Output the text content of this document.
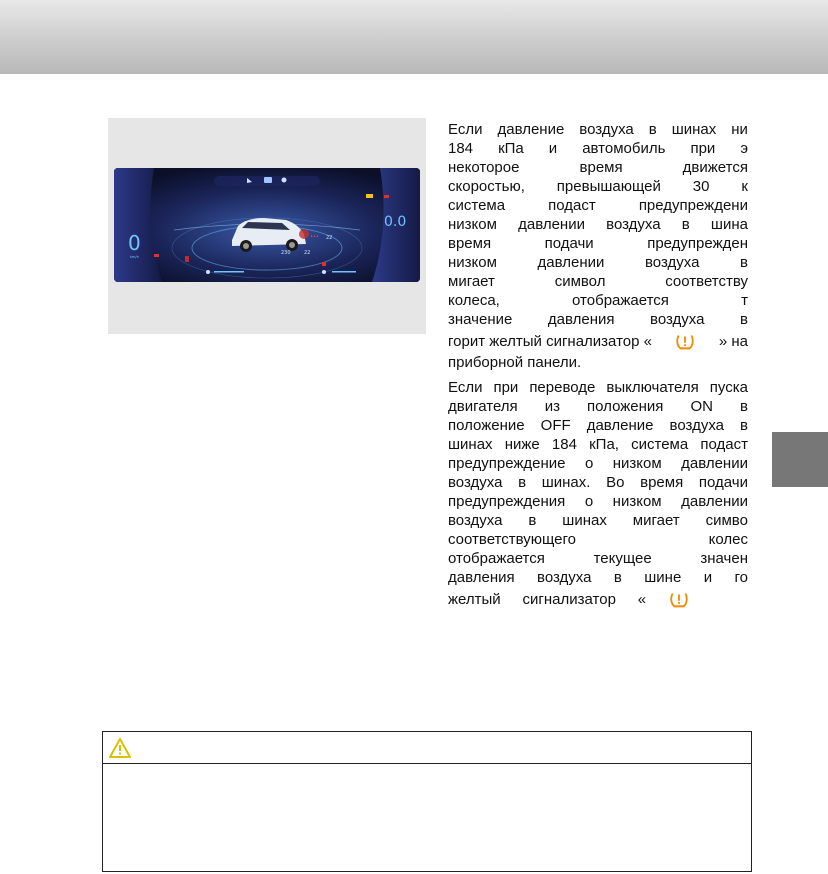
••• 22
230	22
0
km/h
0.0
Если давление воздуха в шинах ни
184 кПа и автомобиль при э
некоторое	время	движется
скоростью, превышающей 30 к
система	подаст	предупреждени
низком давлении воздуха в шина
время	подачи	предупрежден
низком	давлении	воздуха	в
мигает	символ	соответству
колеса,	отображается	т
значение давления воздуха в
горит желтый сигнализатор «	» на
приборной панели.
Если при переводе выключателя пуска
двигателя из положения ON в
положение OFF давление воздуха в
шинах ниже 184 кПа, система подаст
предупреждение о низком давлении
воздуха в шинах. Во время подачи
предупреждения о низком давлении
воздуха в шинах мигает симво
соответствующего	колес
отображается	текущее	значен
давления воздуха в шине и го
желтый сигнализатор «
